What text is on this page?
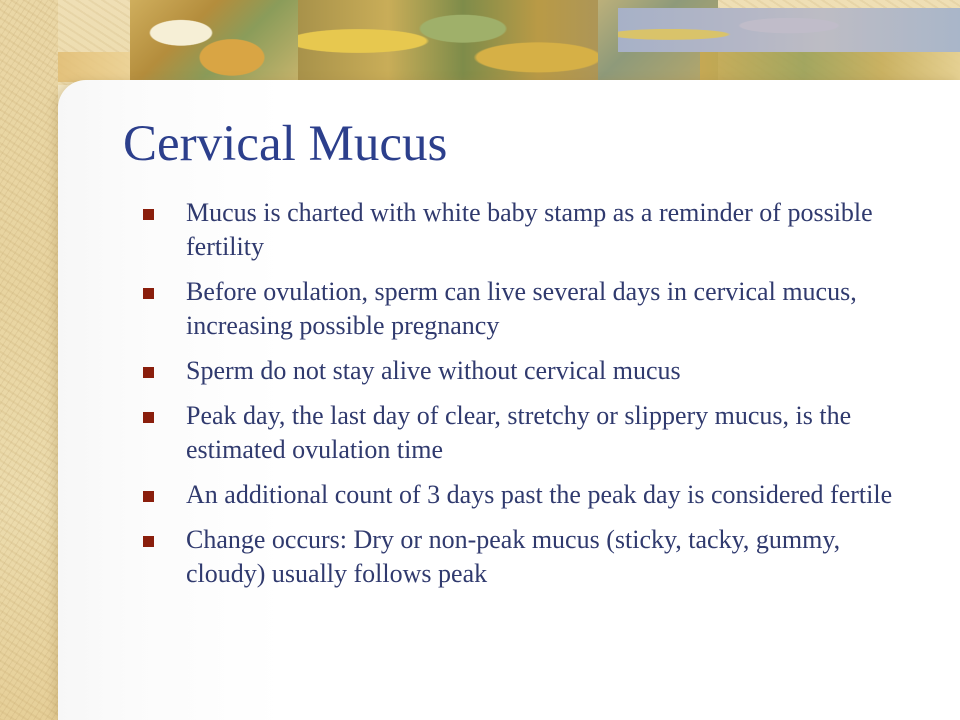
Cervical Mucus
Mucus is charted with white baby stamp as a reminder of possible fertility
Before ovulation, sperm can live several days in cervical mucus, increasing possible pregnancy
Sperm do not stay alive without cervical mucus
Peak day, the last day of clear, stretchy or slippery mucus, is the estimated ovulation time
An additional count of 3 days past the peak day is considered fertile
Change occurs: Dry or non-peak mucus (sticky, tacky, gummy, cloudy) usually follows peak
